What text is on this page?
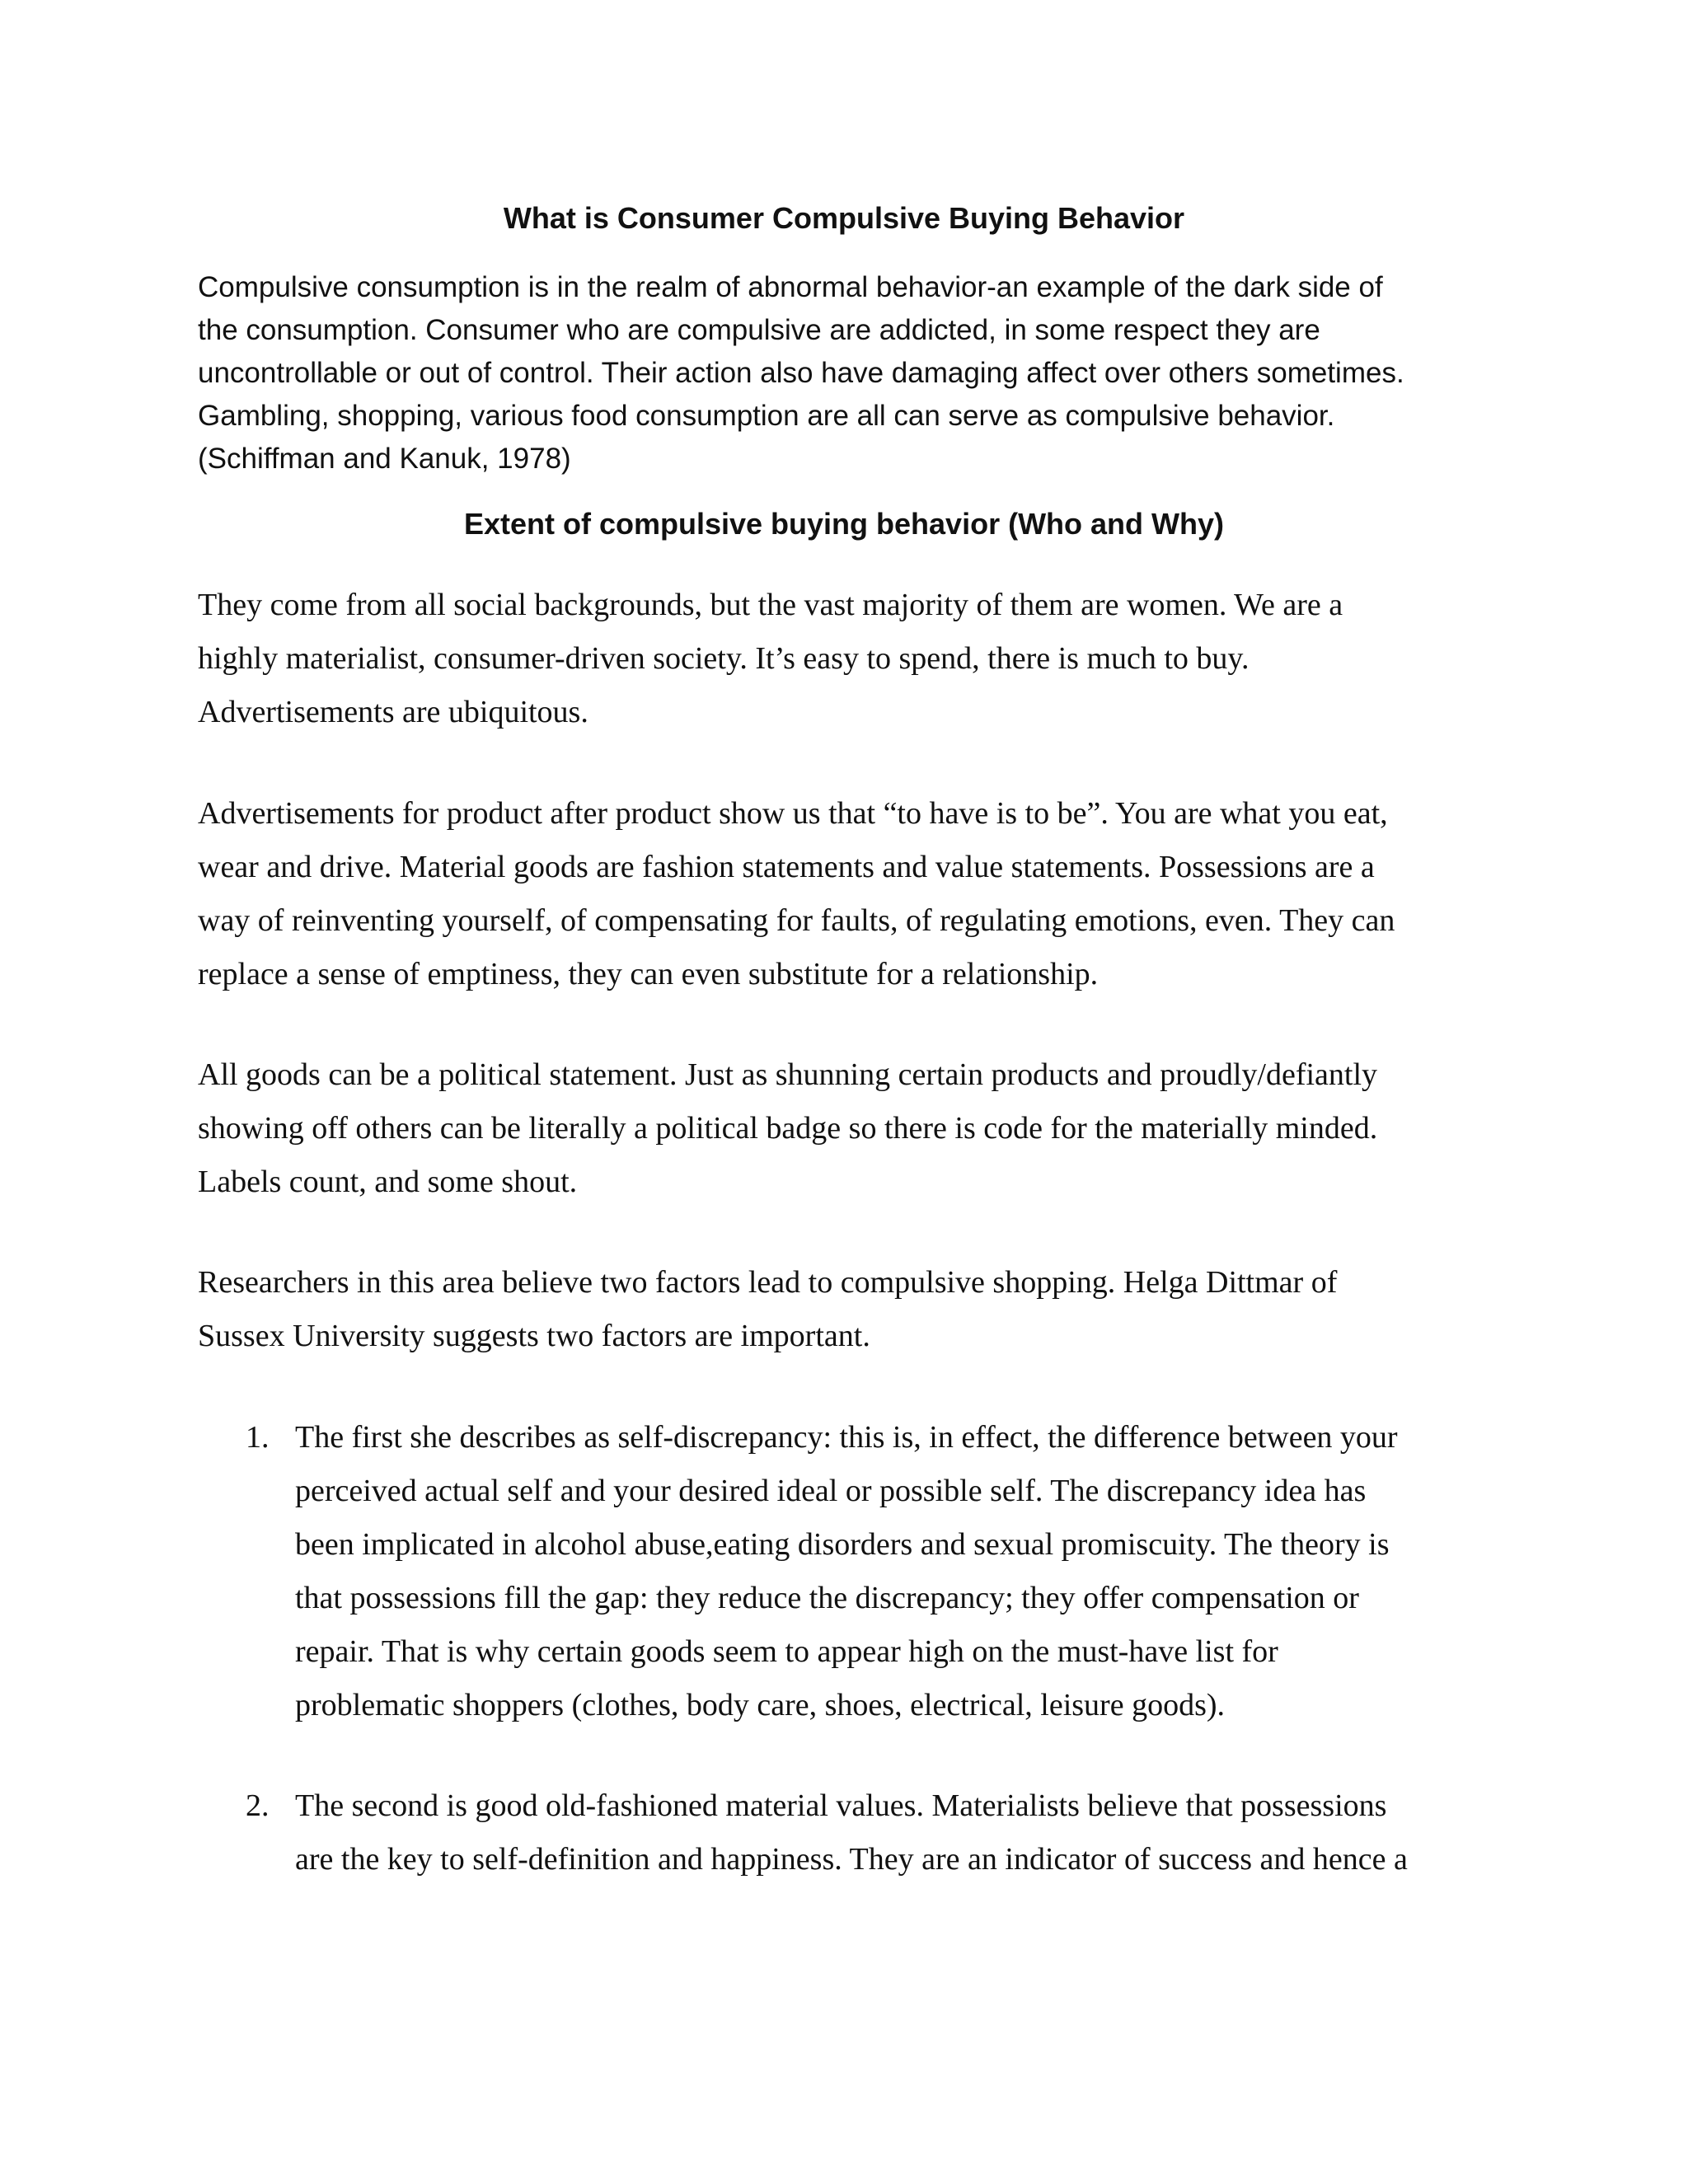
What is Consumer Compulsive Buying Behavior

Compulsive consumption is in the realm of abnormal behavior-an example of the dark side of
the consumption. Consumer who are compulsive are addicted, in some respect they are
uncontrollable or out of control. Their action also have damaging affect over others sometimes.
Gambling, shopping, various food consumption are all can serve as compulsive behavior.
(Schiffman and Kanuk, 1978)

Extent of compulsive buying behavior (Who and Why)

They come from all social backgrounds, but the vast majority of them are women. We are a
highly materialist, consumer-driven society. It’s easy to spend, there is much to buy.
Advertisements are ubiquitous.

Advertisements for product after product show us that “to have is to be”. You are what you eat,
wear and drive. Material goods are fashion statements and value statements. Possessions are a
way of reinventing yourself, of compensating for faults, of regulating emotions, even. They can
replace a sense of emptiness, they can even substitute for a relationship.

All goods can be a political statement. Just as shunning certain products and proudly/defiantly
showing off others can be literally a political badge so there is code for the materially minded.
Labels count, and some shout.

Researchers in this area believe two factors lead to compulsive shopping. Helga Dittmar of
Sussex University suggests two factors are important.

1. The first she describes as self-discrepancy: this is, in effect, the difference between your
perceived actual self and your desired ideal or possible self. The discrepancy idea has
been implicated in alcohol abuse,eating disorders and sexual promiscuity. The theory is
that possessions fill the gap: they reduce the discrepancy; they offer compensation or
repair. That is why certain goods seem to appear high on the must-have list for
problematic shoppers (clothes, body care, shoes, electrical, leisure goods).
2. The second is good old-fashioned material values. Materialists believe that possessions
are the key to self-definition and happiness. They are an indicator of success and hence a
